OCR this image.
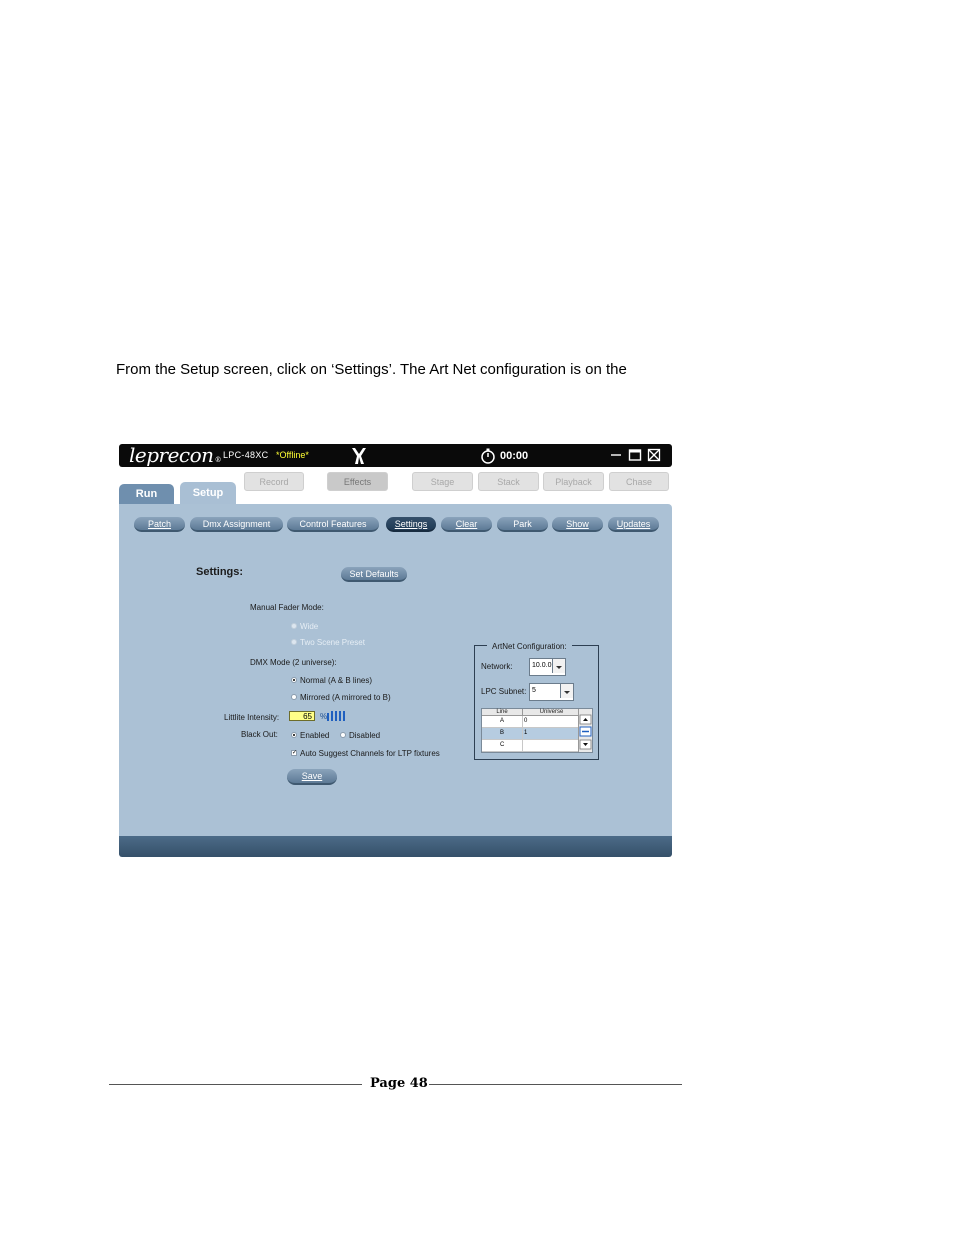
From the Setup screen, click on ‘Settings’. The Art Net configuration is on the
leprecon® LPC-48XC *Offline*	00:00
Run	Setup
Record	Effects	Stage	Stack	Playback	Chase
Patch	Dmx Assignment	Control Features	Settings	Clear	Park	Show	Updates
Settings:	Set Defaults
Manual Fader Mode:
Wide
Two Scene Preset
DMX Mode (2 universe):
Normal (A & B lines)
Mirrored (A mirrored to B)
Littlite Intensity:	65	%
Black Out:	Enabled Disabled
✓ Auto Suggest Channels for LTP fixtures
Save
ArtNet Configuration:
Network:	10.0.0
LPC Subnet: 5
Line	Universe
A	0
B	1
C
Page 48
